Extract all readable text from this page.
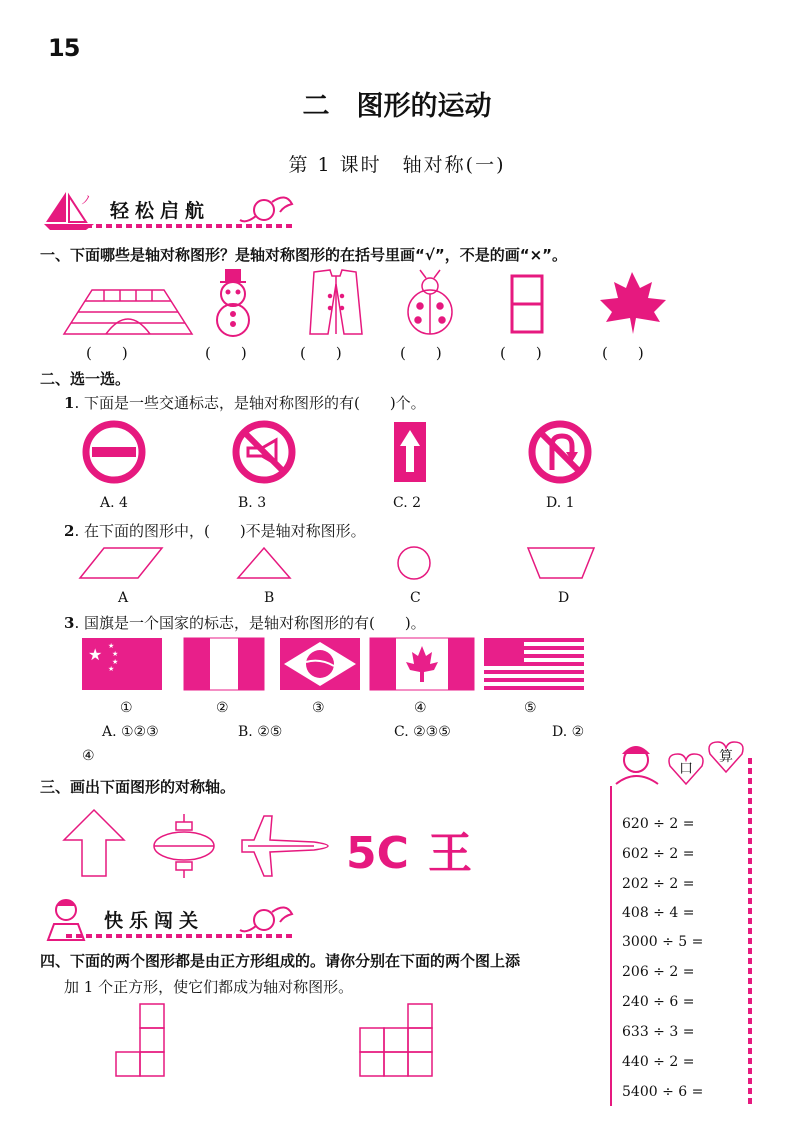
15
二　图形的运动
第 1 课时　轴对称(一)
ノ 轻松启航
一、下面哪些是轴对称图形？是轴对称图形的在括号里画“√”，不是的画“×”。
(　　)	(　　)	(　　)	(　　)	(　　)	(　　)
二、选一选。
1. 下面是一些交通标志，是轴对称图形的有(　　)个。
A. 4	B. 3	C. 2	D. 1
2. 在下面的图形中，(　　)不是轴对称图形。
A	B	C	D
3. 国旗是一个国家的标志，是轴对称图形的有(　　)。
★ ★
★
★
★
①	②	③	④	⑤
A. ①②③	B. ②⑤	C. ②③⑤	D. ②
④
三、画出下面图形的对称轴。
5C 王
快乐闯关
四、下面的两个图形都是由正方形组成的。请你分别在下面的两个图上添
加 1 个正方形，使它们都成为轴对称图形。
口
算
620 ÷ 2 =
602 ÷ 2 =
202 ÷ 2 =
408 ÷ 4 =
3000 ÷ 5 =
206 ÷ 2 =
240 ÷ 6 =
633 ÷ 3 =
440 ÷ 2 =
5400 ÷ 6 =
